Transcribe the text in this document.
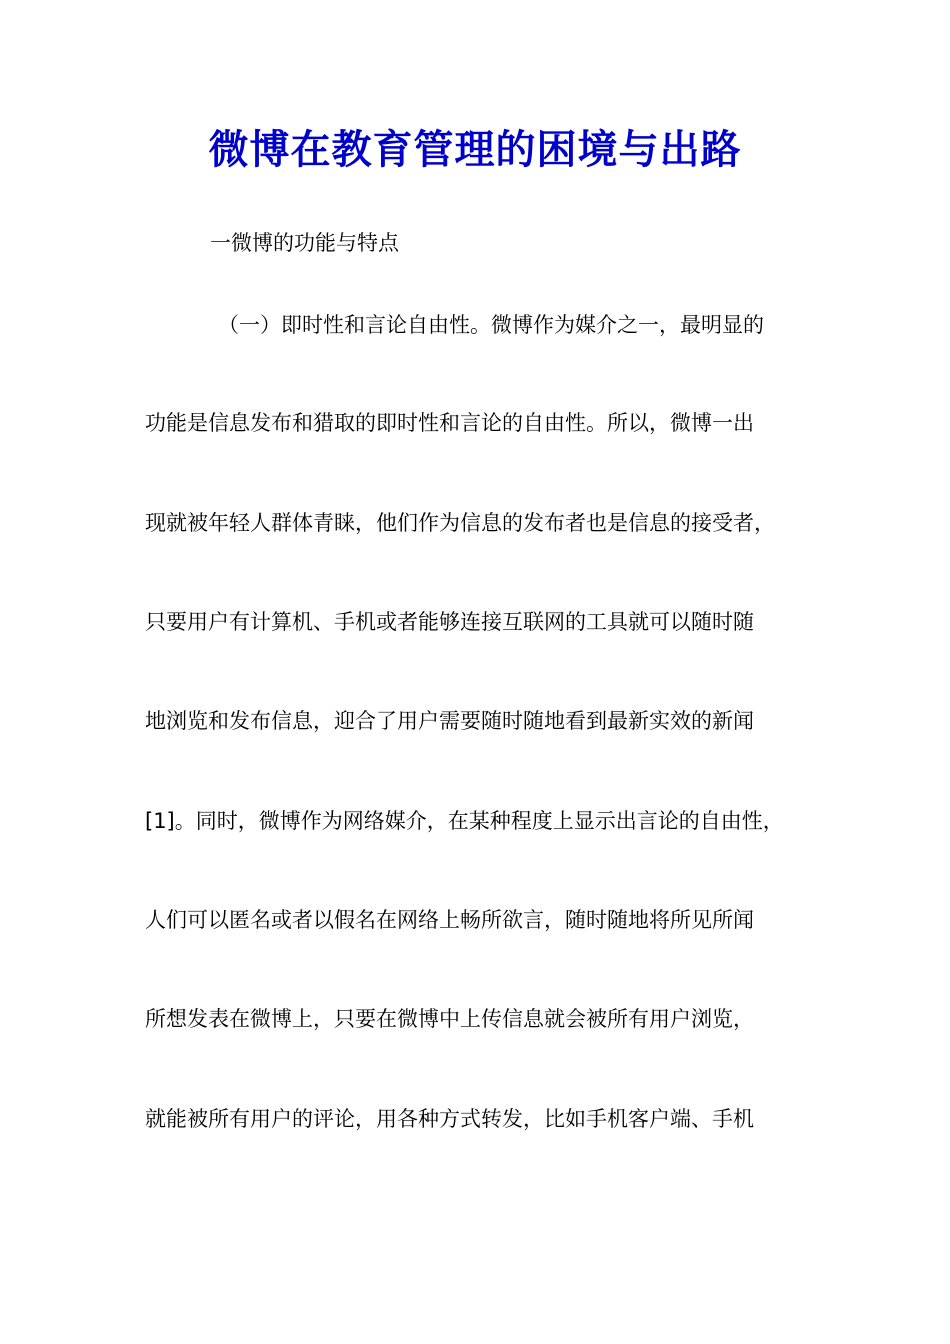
微博在教育管理的困境与出路

一微博的功能与特点

（一）即时性和言论自由性。微博作为媒介之一，最明显的

功能是信息发布和猎取的即时性和言论的自由性。所以，微博一出

现就被年轻人群体青睐，他们作为信息的发布者也是信息的接受者，

只要用户有计算机、手机或者能够连接互联网的工具就可以随时随

地浏览和发布信息，迎合了用户需要随时随地看到最新实效的新闻

[1]。同时，微博作为网络媒介，在某种程度上显示出言论的自由性，

人们可以匿名或者以假名在网络上畅所欲言，随时随地将所见所闻

所想发表在微博上，只要在微博中上传信息就会被所有用户浏览，

就能被所有用户的评论，用各种方式转发，比如手机客户端、手机
